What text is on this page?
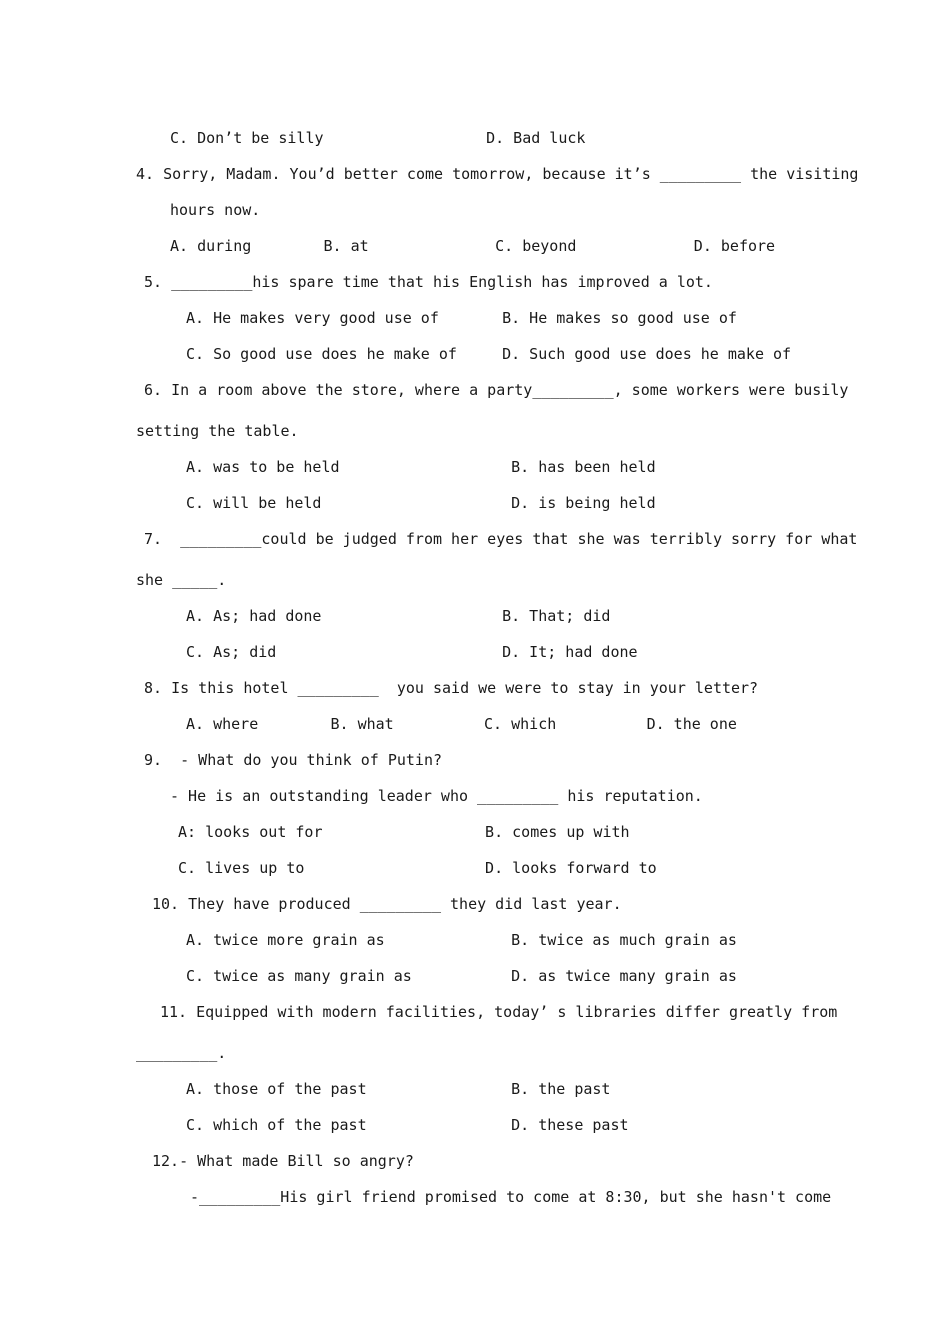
C. Don’t be silly                  D. Bad luck
4. Sorry, Madam. You’d better come tomorrow, because it’s _________ the visiting
hours now.
A. during        B. at              C. beyond             D. before
5. _________his spare time that his English has improved a lot.
A. He makes very good use of       B. He makes so good use of
C. So good use does he make of     D. Such good use does he make of
6. In a room above the store, where a party_________, some workers were busily
setting the table.
A. was to be held                   B. has been held
C. will be held                     D. is being held
7.  _________could be judged from her eyes that she was terribly sorry for what
she _____.
A. As; had done                    B. That; did
C. As; did                         D. It; had done
8. Is this hotel _________  you said we were to stay in your letter?
A. where        B. what          C. which          D. the one
9.  - What do you think of Putin?
- He is an outstanding leader who _________ his reputation.
A: looks out for                  B. comes up with
C. lives up to                    D. looks forward to
10. They have produced _________ they did last year.
A. twice more grain as              B. twice as much grain as
C. twice as many grain as           D. as twice many grain as
11. Equipped with modern facilities, today’ s libraries differ greatly from
_________.
A. those of the past                B. the past
C. which of the past                D. these past
12.- What made Bill so angry?
-_________His girl friend promised to come at 8:30, but she hasn't come
